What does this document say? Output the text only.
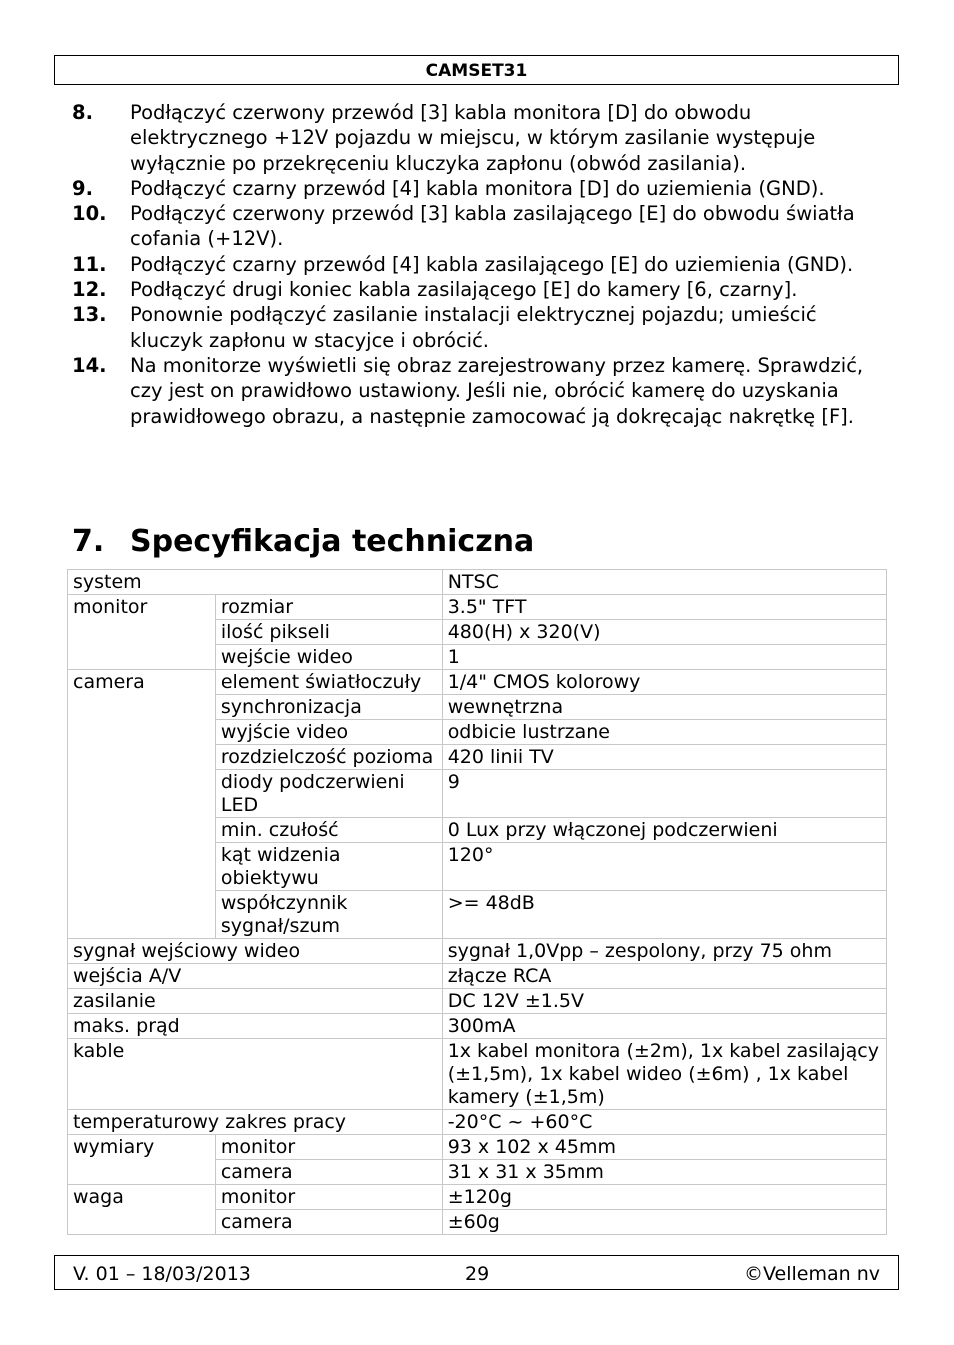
CAMSET31
8.	Podłączyć czerwony przewód [3] kabla monitora [D] do obwodu elektrycznego +12V pojazdu w miejscu, w którym zasilanie występuje wyłącznie po przekręceniu kluczyka zapłonu (obwód zasilania).
9.	Podłączyć czarny przewód [4] kabla monitora [D] do uziemienia (GND).
10.	Podłączyć czerwony przewód [3] kabla zasilającego [E] do obwodu światła cofania (+12V).
11.	Podłączyć czarny przewód [4] kabla zasilającego [E] do uziemienia (GND).
12.	Podłączyć drugi koniec kabla zasilającego [E] do kamery [6, czarny].
13.	Ponownie podłączyć zasilanie instalacji elektrycznej pojazdu; umieścić kluczyk zapłonu w stacyjce i obrócić.
14.	Na monitorze wyświetli się obraz zarejestrowany przez kamerę. Sprawdzić, czy jest on prawidłowo ustawiony. Jeśli nie, obrócić kamerę do uzyskania prawidłowego obrazu, a następnie zamocować ją dokręcając nakrętkę [F].
7. Specyfikacja techniczna
system		NTSC
monitor	rozmiar	3.5" TFT
	ilość pikseli	480(H) x 320(V)
	wejście wideo	1
camera	element światłoczuły	1/4" CMOS kolorowy
	synchronizacja	wewnętrzna
	wyjście video	odbicie lustrzane
	rozdzielczość pozioma	420 linii TV
	diody podczerwieni LED	9
	min. czułość	0 Lux przy włączonej podczerwieni
	kąt widzenia obiektywu	120°
	współczynnik sygnał/szum	>= 48dB
sygnał wejściowy wideo		sygnał 1,0Vpp – zespolony, przy 75 ohm
wejścia A/V		złącze RCA
zasilanie		DC 12V ±1.5V
maks. prąd		300mA
kable		1x kabel monitora (±2m), 1x kabel zasilający (±1,5m), 1x kabel wideo (±6m) , 1x kabel kamery (±1,5m)
temperaturowy zakres pracy		-20°C ~ +60°C
wymiary	monitor	93 x 102 x 45mm
	camera	31 x 31 x 35mm
waga	monitor	±120g
	camera	±60g
V. 01 – 18/03/2013	29	©Velleman nv
